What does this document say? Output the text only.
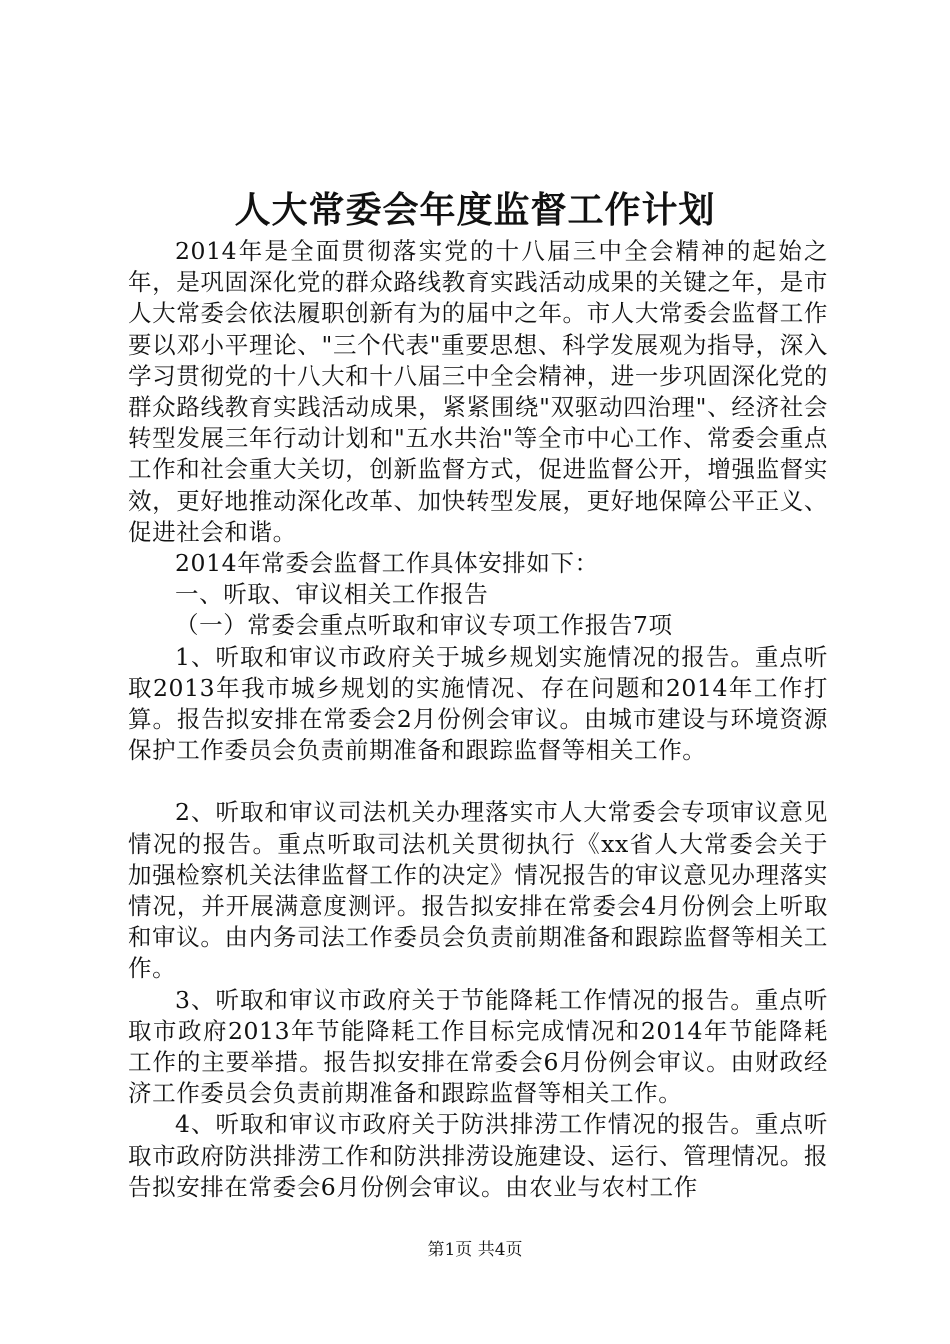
人大常委会年度监督工作计划

2014年是全面贯彻落实党的十八届三中全会精神的起始之年，是巩固深化党的群众路线教育实践活动成果的关键之年，是市人大常委会依法履职创新有为的届中之年。市人大常委会监督工作要以邓小平理论、"三个代表"重要思想、科学发展观为指导，深入学习贯彻党的十八大和十八届三中全会精神，进一步巩固深化党的群众路线教育实践活动成果，紧紧围绕"双驱动四治理"、经济社会转型发展三年行动计划和"五水共治"等全市中心工作、常委会重点工作和社会重大关切，创新监督方式，促进监督公开，增强监督实效，更好地推动深化改革、加快转型发展，更好地保障公平正义、促进社会和谐。

2014年常委会监督工作具体安排如下：

一、听取、审议相关工作报告

（一）常委会重点听取和审议专项工作报告7项

1、听取和审议市政府关于城乡规划实施情况的报告。重点听取2013年我市城乡规划的实施情况、存在问题和2014年工作打算。报告拟安排在常委会2月份例会审议。由城市建设与环境资源保护工作委员会负责前期准备和跟踪监督等相关工作。

2、听取和审议司法机关办理落实市人大常委会专项审议意见情况的报告。重点听取司法机关贯彻执行《xx省人大常委会关于加强检察机关法律监督工作的决定》情况报告的审议意见办理落实情况，并开展满意度测评。报告拟安排在常委会4月份例会上听取和审议。由内务司法工作委员会负责前期准备和跟踪监督等相关工作。

3、听取和审议市政府关于节能降耗工作情况的报告。重点听取市政府2013年节能降耗工作目标完成情况和2014年节能降耗工作的主要举措。报告拟安排在常委会6月份例会审议。由财政经济工作委员会负责前期准备和跟踪监督等相关工作。

4、听取和审议市政府关于防洪排涝工作情况的报告。重点听取市政府防洪排涝工作和防洪排涝设施建设、运行、管理情况。报告拟安排在常委会6月份例会审议。由农业与农村工作

第1页 共4页
